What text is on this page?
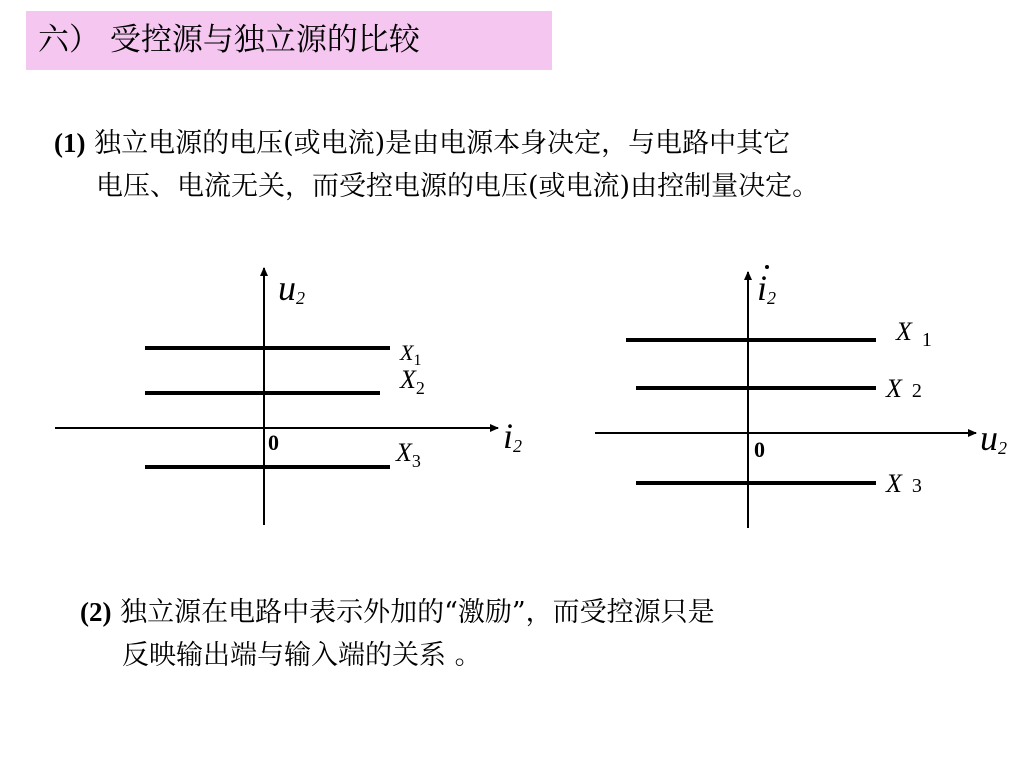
六） 受控源与独立源的比较
(1) 独立电源的电压(或电流)是由电源本身决定，与电路中其它
电压、电流无关，而受控电源的电压(或电流)由控制量决定。
u2
i2
0
$X_1$
$X_2$
$X_3$
i2
u2
0
X $_1$
X 2
X 3
(2) 独立源在电路中表示外加的“激励”，而受控源只是
反映输出端与输入端的关系 。
